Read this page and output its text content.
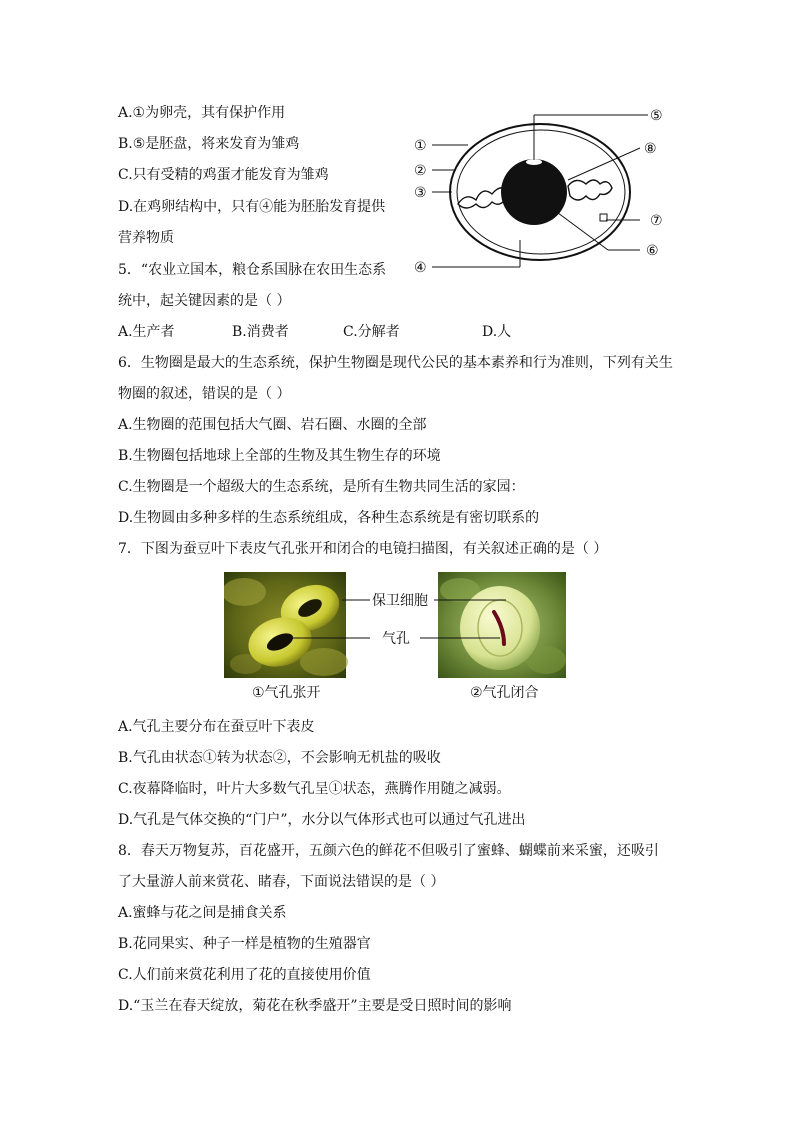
A.①为卵壳，其有保护作用
B.⑤是胚盘，将来发育为雏鸡
C.只有受精的鸡蛋才能发育为雏鸡
D.在鸡卵结构中，只有④能为胚胎发育提供
营养物质
①
②
③
④
⑤
⑥
⑦
⑧
5．“农业立国本，粮仓系国脉在农田生态系
统中，起关键因素的是（ ）
A.生产者	B.消费者	C.分解者	D.人
6．生物圈是最大的生态系统，保护生物圈是现代公民的基本素养和行为准则，下列有关生
物圈的叙述，错误的是（ ）
A.生物圈的范围包括大气圈、岩石圈、水圈的全部
B.生物圈包括地球上全部的生物及其生物生存的环境
C.生物圈是一个超级大的生态系统，是所有生物共同生活的家园：
D.生物圆由多种多样的生态系统组成，各种生态系统是有密切联系的
7．下图为蚕豆叶下表皮气孔张开和闭合的电镜扫描图，有关叙述正确的是（ ）
保卫细胞
气孔
①气孔张开	②气孔闭合
A.气孔主要分布在蚕豆叶下表皮
B.气孔由状态①转为状态②，不会影响无机盐的吸收
C.夜幕降临时，叶片大多数气孔呈①状态，燕腾作用随之减弱。
D.气孔是气体交换的“门户”，水分以气体形式也可以通过气孔进出
8．春天万物复苏，百花盛开，五颜六色的鲜花不但吸引了蜜蜂、蝴蝶前来采蜜，还吸引
了大量游人前来赏花、睹春，下面说法错误的是（ ）
A.蜜蜂与花之间是捕食关系
B.花同果实、种子一样是植物的生殖器官
C.人们前来赏花利用了花的直接使用价值
D.“玉兰在春天绽放，菊花在秋季盛开”主要是受日照时间的影响
